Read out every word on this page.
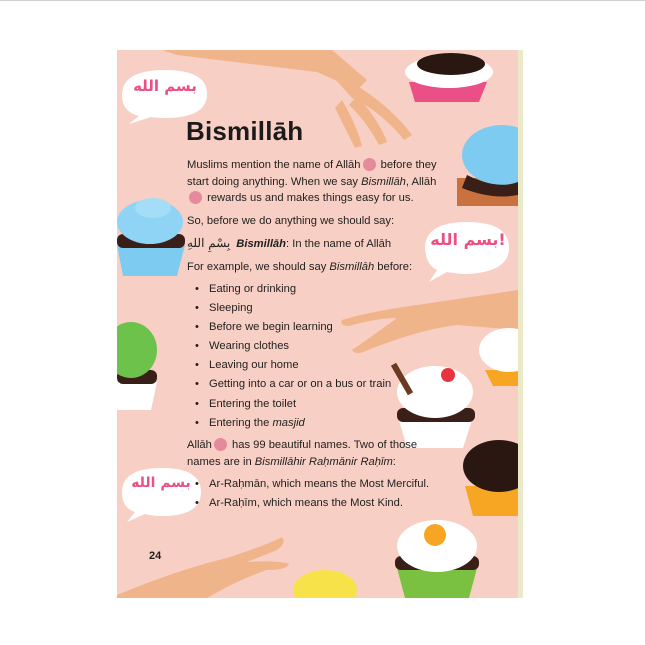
بسم الله
بسم الله!
بسم الله
Bismillāh

Muslims mention the name of Allāh before they start doing anything. When we say Bismillāh, Allāh rewards us and makes things easy for us.

So, before we do anything we should say:

بِسْمِ اللهِ Bismillāh: In the name of Allāh

For example, we should say Bismillāh before:

• Eating or drinking
• Sleeping
• Before we begin learning
• Wearing clothes
• Leaving our home
• Getting into a car or on a bus or train
• Entering the toilet
• Entering the masjid

Allāh has 99 beautiful names. Two of those names are in Bismillāhir Raḥmānir Raḥīm:

• Ar-Raḥmān, which means the Most Merciful.
• Ar-Raḥīm, which means the Most Kind.
24
